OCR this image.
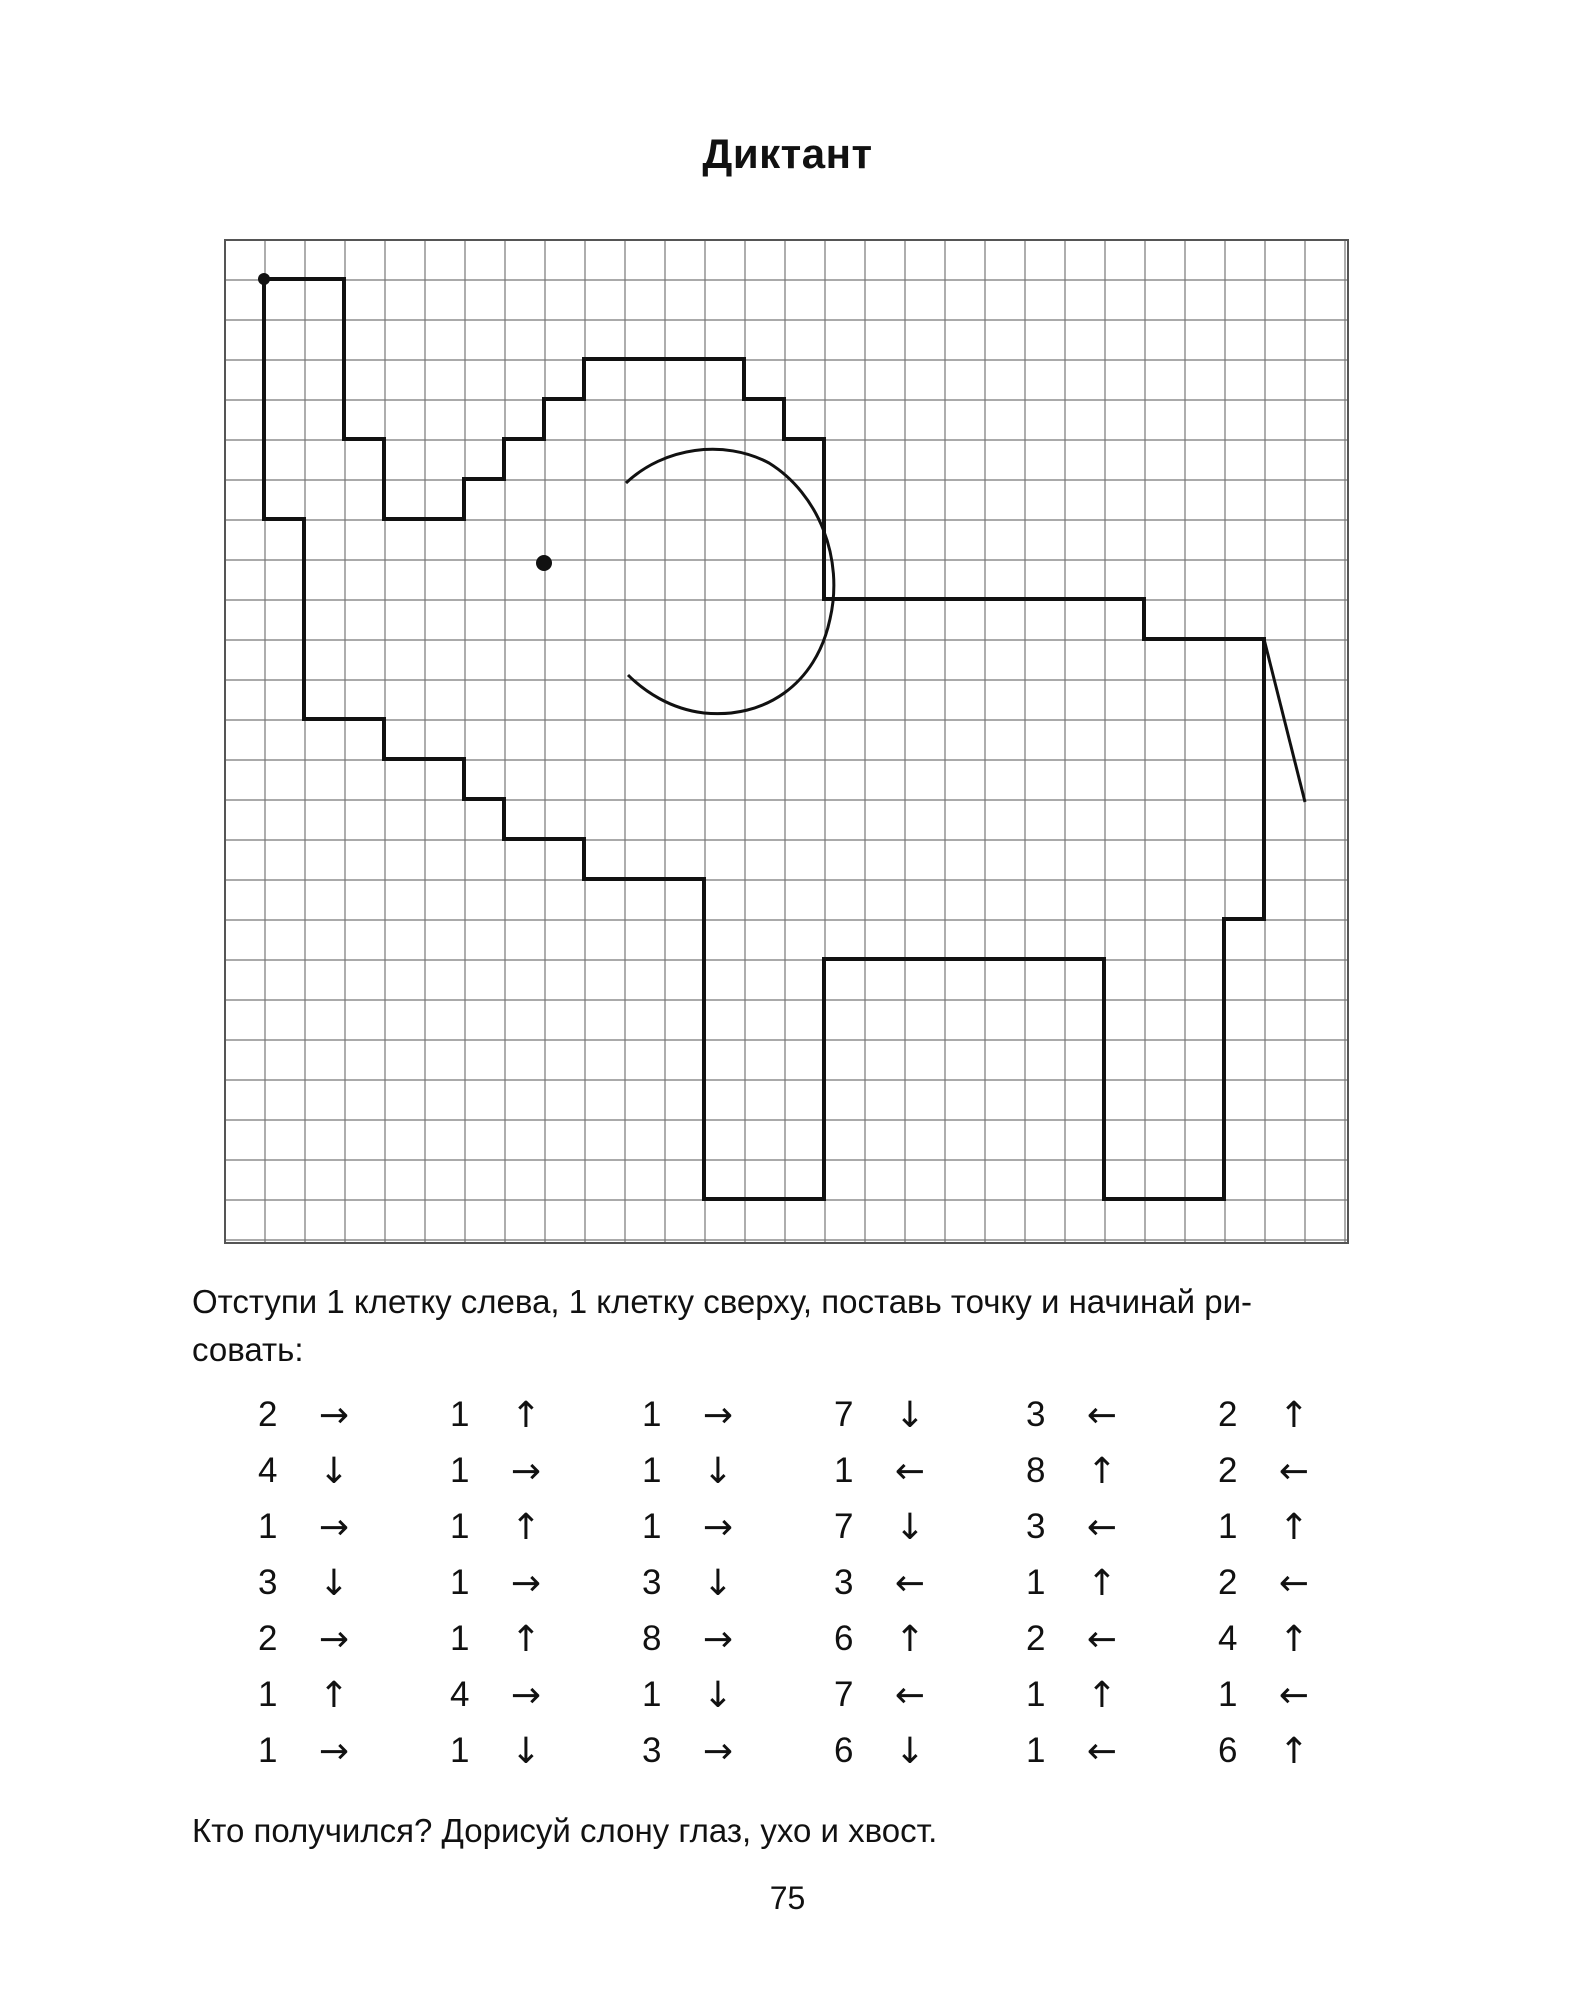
Диктант
Отступи 1 клетку слева, 1 клетку сверху, поставь точку и начинай ри-
совать:
2 →
4 ↓
1 →
3 ↓
2 →
1 ↑
1 →
1 ↑
1 →
1 ↑
1 →
1 ↑
4 →
1 ↓
1 →
1 ↓
1 →
3 ↓
8 →
1 ↓
3 →
7 ↓
1 ←
7 ↓
3 ←
6 ↑
7 ←
6 ↓
3 ←
8 ↑
3 ←
1 ↑
2 ←
1 ↑
1 ←
2 ↑
2 ←
1 ↑
2 ←
4 ↑
1 ←
6 ↑
Кто получился? Дорисуй слону глаз, ухо и хвост.
75
